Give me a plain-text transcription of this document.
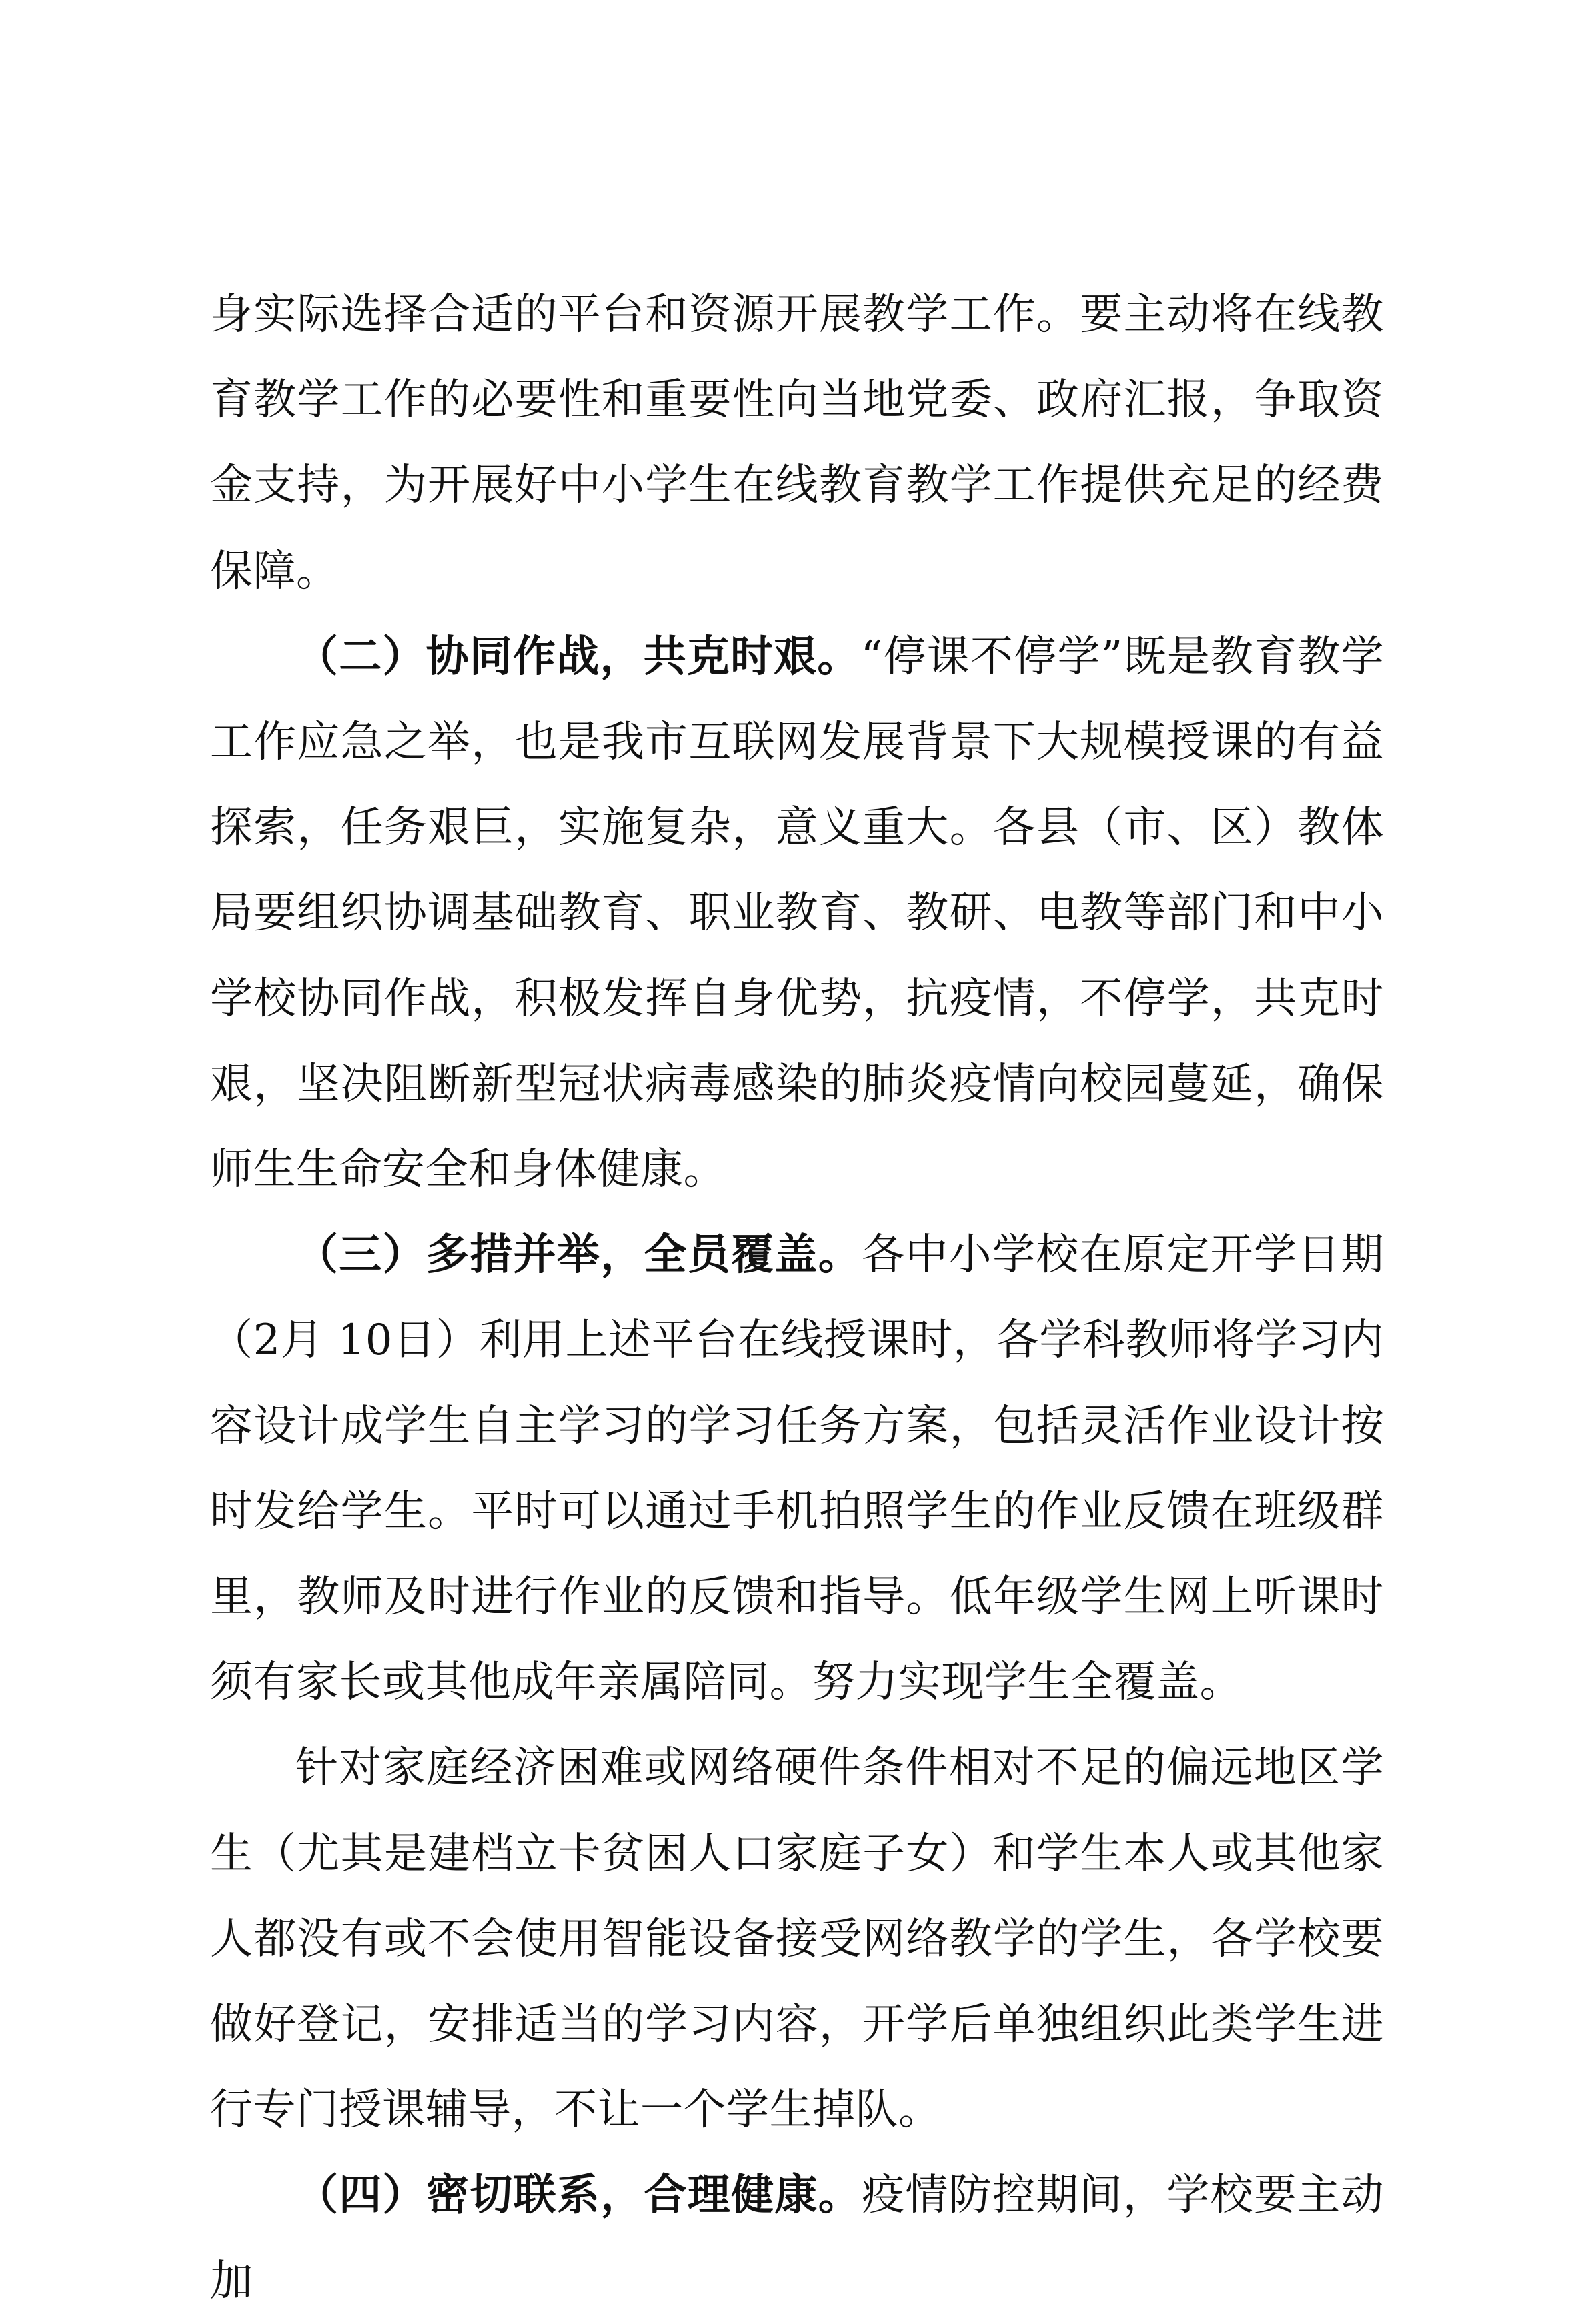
身实际选择合适的平台和资源开展教学工作。要主动将在线教育教学工作的必要性和重要性向当地党委、政府汇报，争取资金支持，为开展好中小学生在线教育教学工作提供充足的经费保障。

（二）协同作战，共克时艰。“停课不停学”既是教育教学工作应急之举，也是我市互联网发展背景下大规模授课的有益探索，任务艰巨，实施复杂，意义重大。各县（市、区）教体局要组织协调基础教育、职业教育、教研、电教等部门和中小学校协同作战，积极发挥自身优势，抗疫情，不停学，共克时艰，坚决阻断新型冠状病毒感染的肺炎疫情向校园蔓延，确保师生生命安全和身体健康。

（三）多措并举，全员覆盖。各中小学校在原定开学日期（2月 10日）利用上述平台在线授课时，各学科教师将学习内容设计成学生自主学习的学习任务方案，包括灵活作业设计按时发给学生。平时可以通过手机拍照学生的作业反馈在班级群里，教师及时进行作业的反馈和指导。低年级学生网上听课时须有家长或其他成年亲属陪同。努力实现学生全覆盖。

针对家庭经济困难或网络硬件条件相对不足的偏远地区学生（尤其是建档立卡贫困人口家庭子女）和学生本人或其他家人都没有或不会使用智能设备接受网络教学的学生，各学校要做好登记，安排适当的学习内容，开学后单独组织此类学生进行专门授课辅导，不让一个学生掉队。

（四）密切联系，合理健康。疫情防控期间，学校要主动加
